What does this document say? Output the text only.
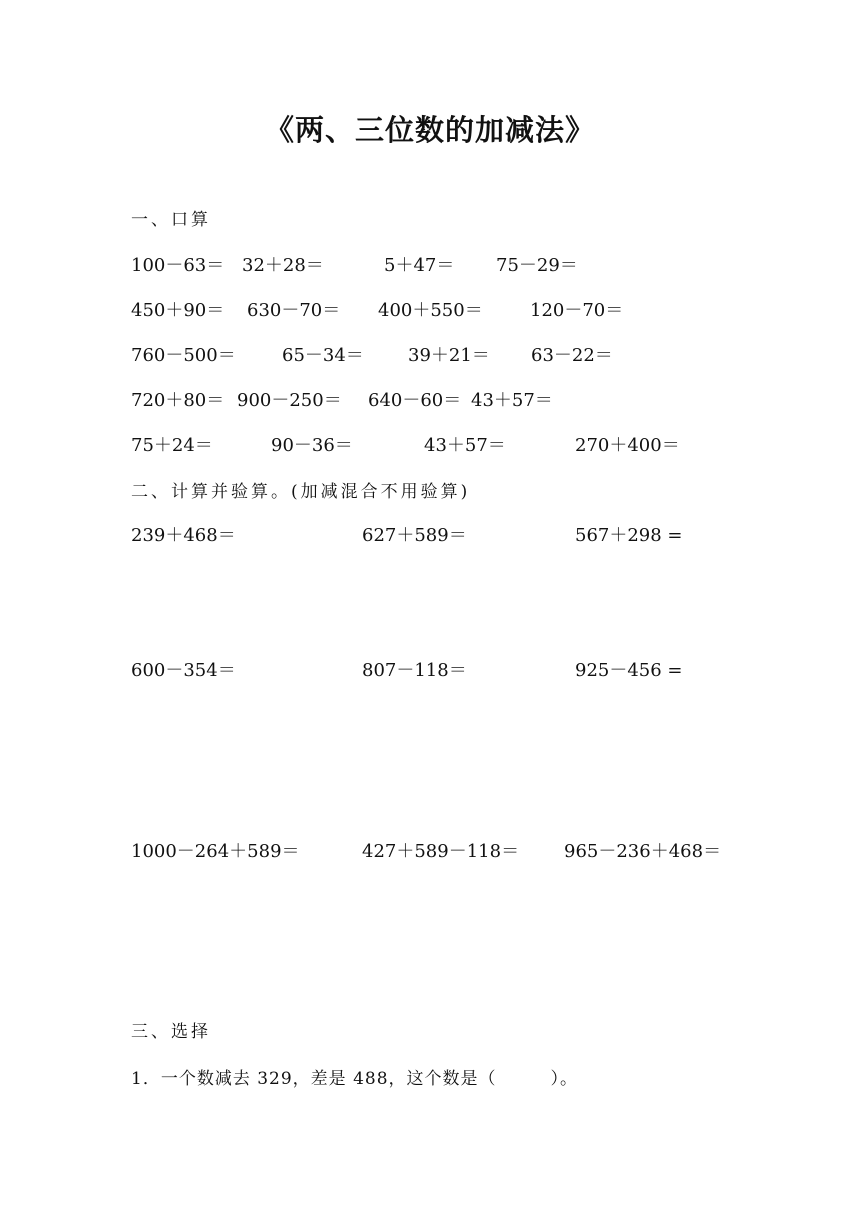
《两、三位数的加减法》
一、口算
100－63＝ 32＋28＝	5＋47＝ 75－29＝
450＋90＝ 630－70＝ 400＋550＝	120－70＝
760－500＝	65－34＝ 39＋21＝ 63－22＝
720＋80＝ 900－250＝ 640－60＝ 43＋57＝
75＋24＝	90－36＝	43＋57＝	270＋400＝
二、计算并验算。(加减混合不用验算)
239＋468＝	627＋589＝	567＋298 =
600－354＝	807－118＝	925－456 =
1000－264＋589＝	427＋589－118＝ 965－236＋468＝
三、选择
1．一个数减去 329，差是 488，这个数是（　　　）。
